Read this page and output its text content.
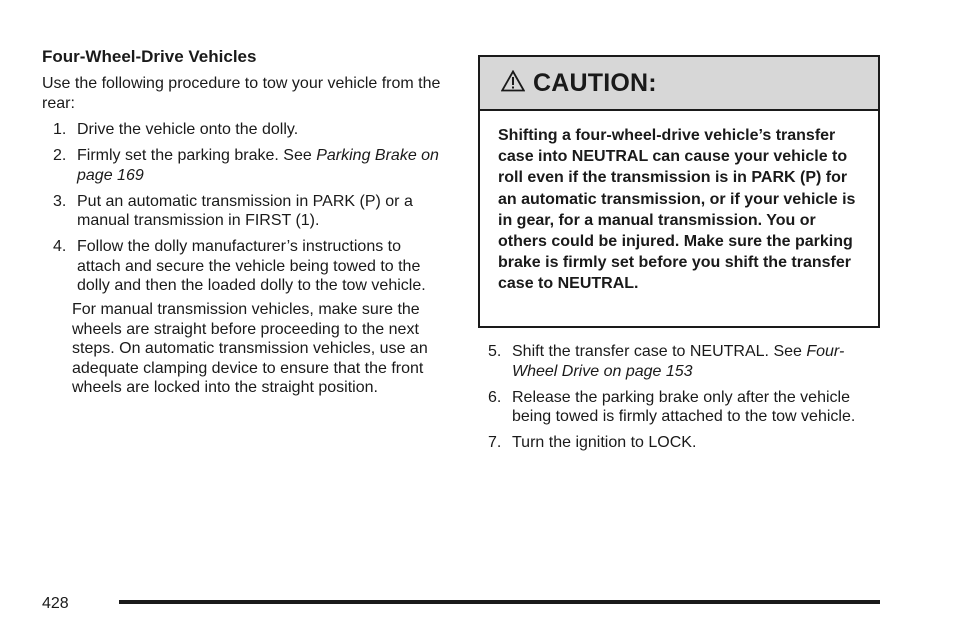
Four-Wheel-Drive Vehicles
Use the following procedure to tow your vehicle from the rear:
1. Drive the vehicle onto the dolly.
2. Firmly set the parking brake. See Parking Brake on page 169
3. Put an automatic transmission in PARK (P) or a manual transmission in FIRST (1).
4. Follow the dolly manufacturer’s instructions to attach and secure the vehicle being towed to the dolly and then the loaded dolly to the tow vehicle.
For manual transmission vehicles, make sure the wheels are straight before proceeding to the next steps. On automatic transmission vehicles, use an adequate clamping device to ensure that the front wheels are locked into the straight position.
CAUTION:
Shifting a four-wheel-drive vehicle’s transfer case into NEUTRAL can cause your vehicle to roll even if the transmission is in PARK (P) for an automatic transmission, or if your vehicle is in gear, for a manual transmission. You or others could be injured. Make sure the parking brake is firmly set before you shift the transfer case to NEUTRAL.
5. Shift the transfer case to NEUTRAL. See Four-Wheel Drive on page 153
6. Release the parking brake only after the vehicle being towed is firmly attached to the tow vehicle.
7. Turn the ignition to LOCK.
428
